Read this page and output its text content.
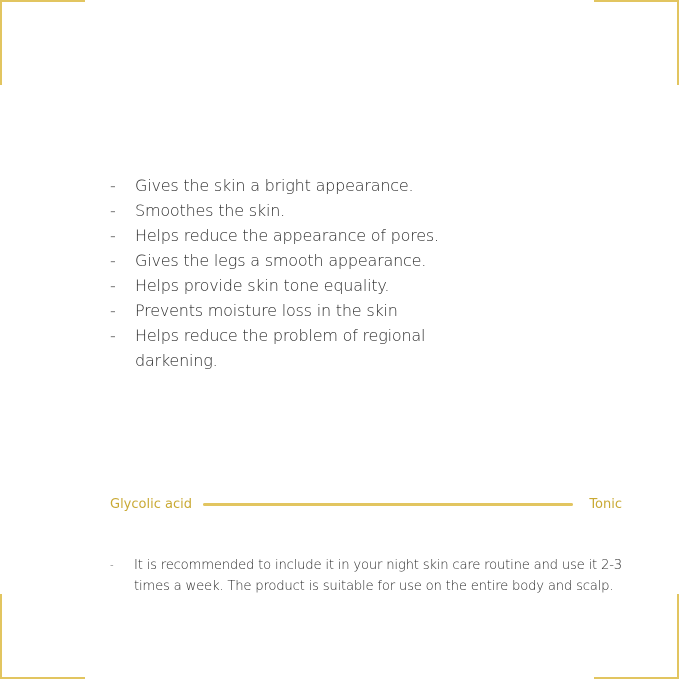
-	Gives the skin a bright appearance.
-	Smoothes the skin.
-	Helps reduce the appearance of pores.
-	Gives the legs a smooth appearance.
-	Helps provide skin tone equality.
-	Prevents moisture loss in the skin
-	Helps reduce the problem of regional darkening.
Glycolic acid	Tonic
-	It is recommended to include it in your night skin care routine and use it 2-3 times a week. The product is suitable for use on the entire body and scalp.
